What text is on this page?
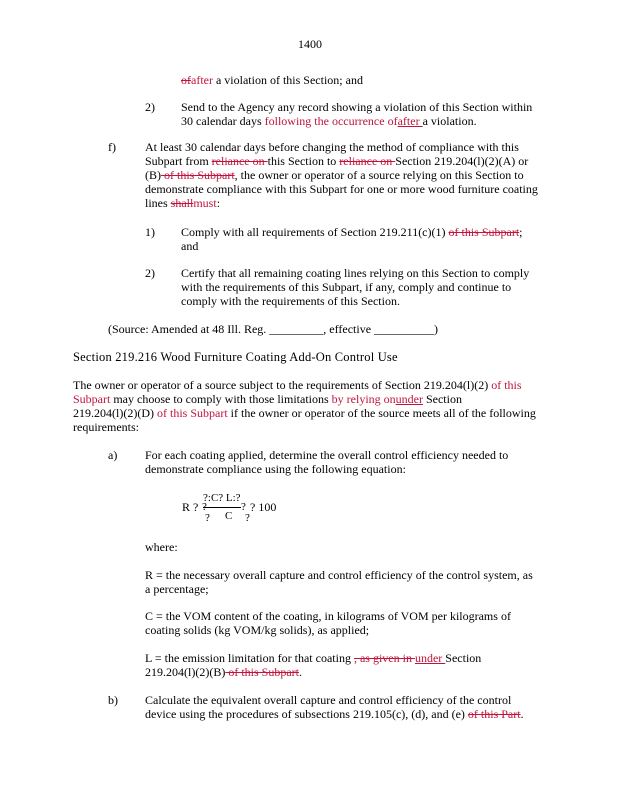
1400
ofafter a violation of this Section; and
2) Send to the Agency any record showing a violation of this Section within
30 calendar days following the occurrence ofafter a violation.
f) At least 30 calendar days before changing the method of compliance with this
Subpart from reliance on this Section to reliance on Section 219.204(l)(2)(A) or
(B) of this Subpart, the owner or operator of a source relying on this Section to
demonstrate compliance with this Subpart for one or more wood furniture coating
lines shallmust:
1) Comply with all requirements of Section 219.211(c)(1) of this Subpart;
and
2) Certify that all remaining coating lines relying on this Section to comply
with the requirements of this Subpart, if any, comply and continue to
comply with the requirements of this Section.
(Source: Amended at 48 Ill. Reg. _________, effective __________)
Section 219.216 Wood Furniture Coating Add-On Control Use
The owner or operator of a source subject to the requirements of Section 219.204(l)(2) of this
Subpart may choose to comply with those limitations by relying onunder Section
219.204(l)(2)(D) of this Subpart if the owner or operator of the source meets all of the following
requirements:
a) For each coating applied, determine the overall control efficiency needed to
demonstrate compliance using the following equation:
where:
R = the necessary overall capture and control efficiency of the control system, as
a percentage;
C = the VOM content of the coating, in kilograms of VOM per kilograms of
coating solids (kg VOM/kg solids), as applied;
L = the emission limitation for that coating , as given in under Section
219.204(l)(2)(B) of this Subpart.
b) Calculate the equivalent overall capture and control efficiency of the control
device using the procedures of subsections 219.105(c), (d), and (e) of this Part.
R ?
?:C? L:?
?
? C ?
? ? 100
